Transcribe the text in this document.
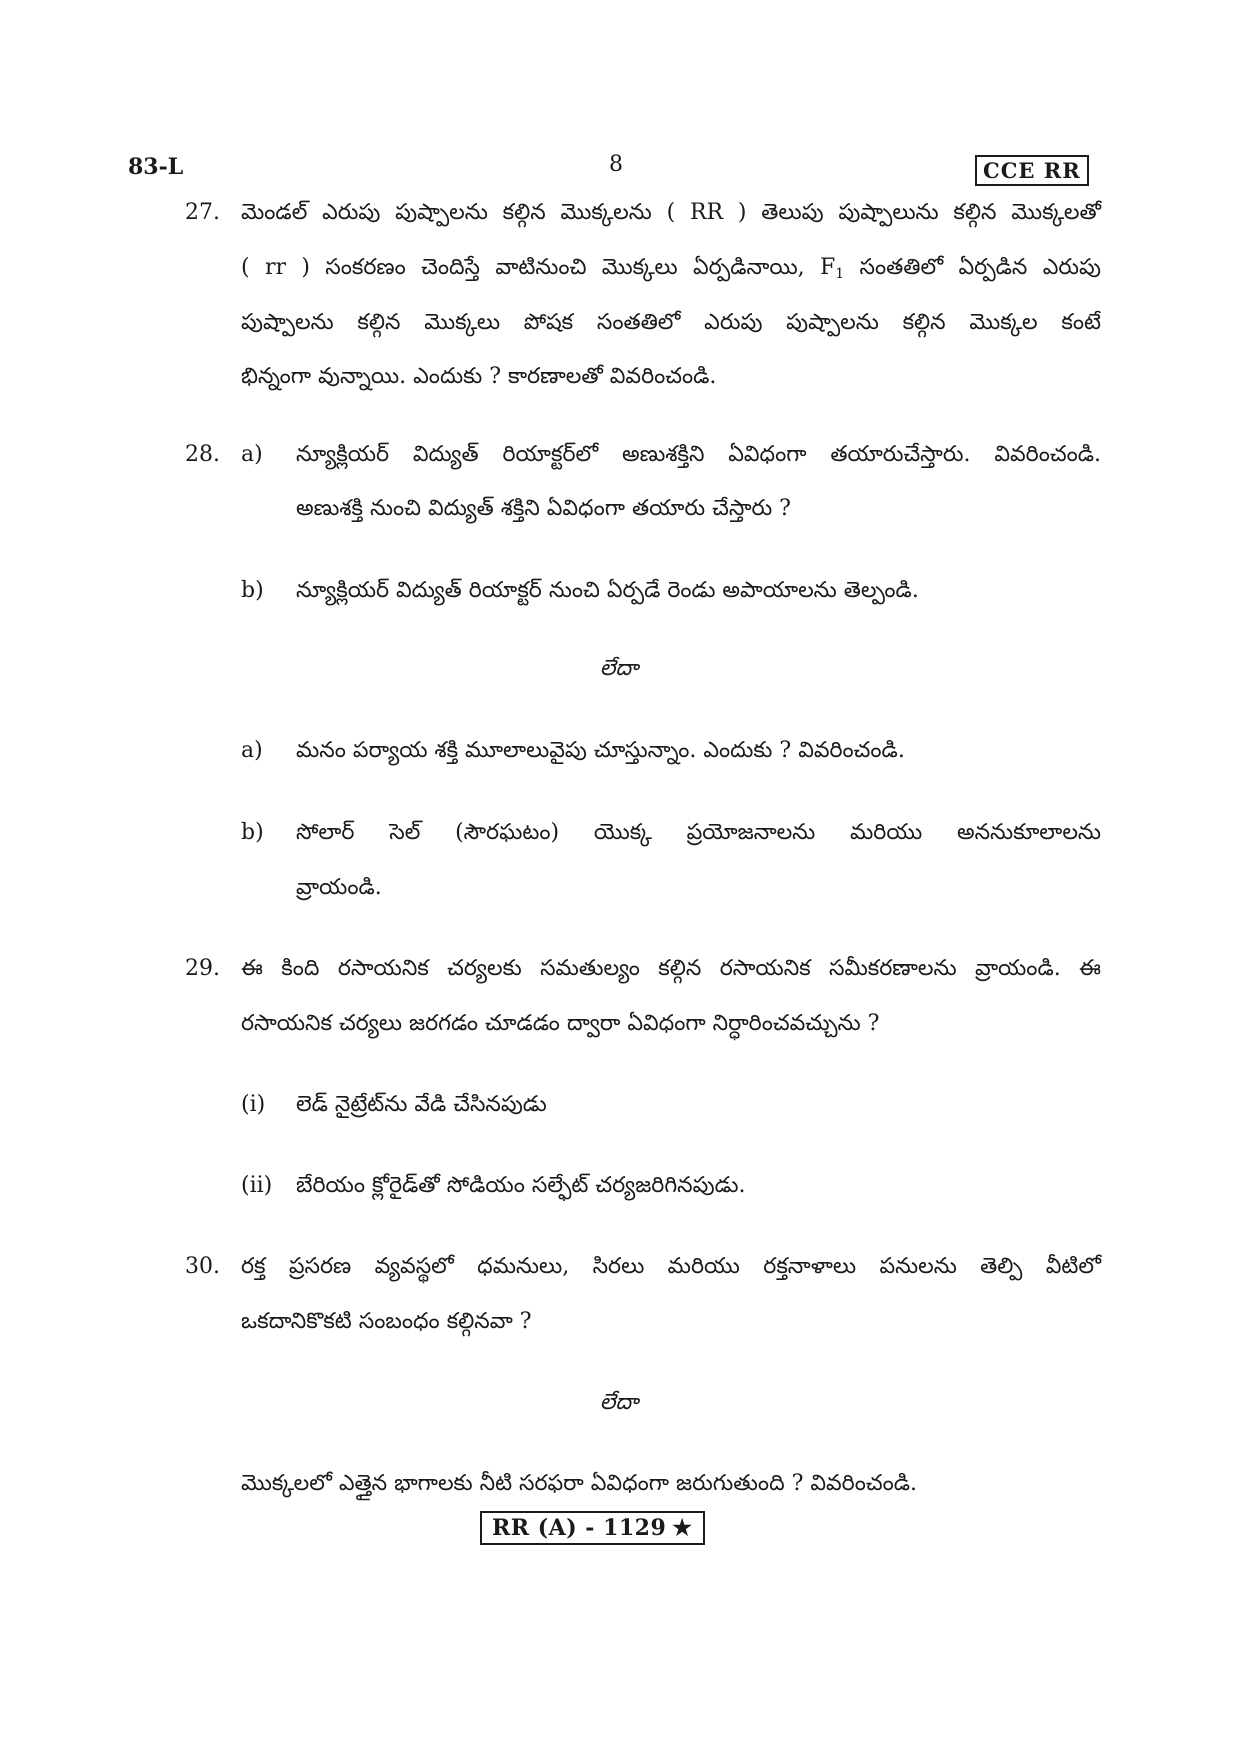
83-L	8	CCE RR
27. మెండల్ ఎరుపు పుష్పాలను కల్గిన మొక్కలను ( RR ) తెలుపు పుష్పాలును కల్గిన మొక్కలతో
( rr ) సంకరణం చెందిస్తే వాటినుంచి మొక్కలు ఏర్పడినాయి, $F_1$ సంతతిలో ఏర్పడిన ఎరుపు
పుష్పాలను కల్గిన మొక్కలు పోషక సంతతిలో ఎరుపు పుష్పాలను కల్గిన మొక్కల కంటే
భిన్నంగా వున్నాయి. ఎందుకు ? కారణాలతో వివరించండి.
28. a) న్యూక్లియర్ విద్యుత్ రియాక్టర్‌లో అణుశక్తిని ఏవిధంగా తయారుచేస్తారు. వివరించండి.
అణుశక్తి నుంచి విద్యుత్ శక్తిని ఏవిధంగా తయారు చేస్తారు ?
b) న్యూక్లియర్ విద్యుత్ రియాక్టర్ నుంచి ఏర్పడే రెండు అపాయాలను తెల్పండి.
లేదా
a) మనం పర్యాయ శక్తి మూలాలువైపు చూస్తున్నాం. ఎందుకు ? వివరించండి.
b) సోలార్ సెల్ (సౌరఘటం) యొక్క ప్రయోజనాలను మరియు అననుకూలాలను
వ్రాయండి.
29. ఈ కింది రసాయనిక చర్యలకు సమతుల్యం కల్గిన రసాయనిక సమీకరణాలను వ్రాయండి. ఈ
రసాయనిక చర్యలు జరగడం చూడడం ద్వారా ఏవిధంగా నిర్ధారించవచ్చును ?
(i) లెడ్ నైట్రేట్‌ను వేడి చేసినపుడు
(ii) బేరియం క్లోరైడ్‌తో సోడియం సల్ఫేట్ చర్యజరిగినపుడు.
30. రక్త ప్రసరణ వ్యవస్థలో ధమనులు, సిరలు మరియు రక్తనాళాలు పనులను తెల్పి వీటిలో
ఒకదానికొకటి సంబంధం కల్గినవా ?
లేదా
మొక్కలలో ఎత్తైన భాగాలకు నీటి సరఫరా ఏవిధంగా జరుగుతుంది ? వివరించండి.
RR (A) - 1129 ★
